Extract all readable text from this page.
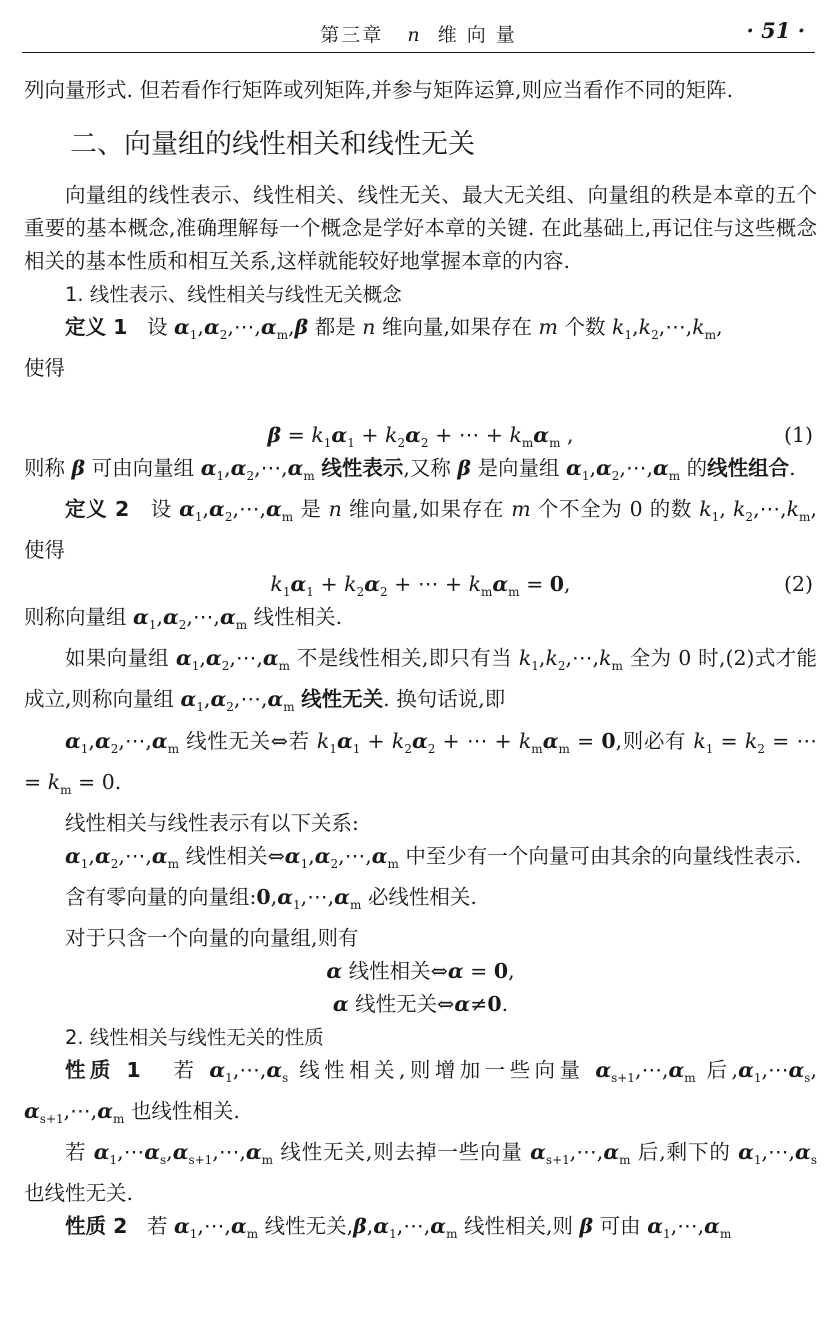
第三章 n 维 向 量	· 51 ·

列向量形式. 但若看作行矩阵或列矩阵,并参与矩阵运算,则应当看作不同的矩阵.

二、向量组的线性相关和线性无关

向量组的线性表示、线性相关、线性无关、最大无关组、向量组的秩是本章的五个重要的基本概念,准确理解每一个概念是学好本章的关键. 在此基础上,再记住与这些概念相关的基本性质和相互关系,这样就能较好地掌握本章的内容.

1. 线性表示、线性相关与线性无关概念

定义 1   设 $\alpha_1,\alpha_2,\cdots,\alpha_m,\beta$ 都是 n 维向量,如果存在 m 个数 $k_1,k_2,\cdots,k_m$,

使得

$\beta = k_1\alpha_1 + k_2\alpha_2$ + ⋯ + $k_m\alpha_m$ ,	(1)

则称 β 可由向量组 $\alpha_1,\alpha_2,\cdots,\alpha_m$ 线性表示,又称 β 是向量组 $\alpha_1,\alpha_2,\cdots,\alpha_m$ 的线性组合.

定义 2   设 $\alpha_1,\alpha_2,\cdots,\alpha_m$ 是 n 维向量,如果存在 m 个不全为 0 的数 $k_1$, $k_2,\cdots,k_m$,使得

$k_1\alpha_1 + k_2\alpha_2$ + ⋯ + $k_m\alpha_m = 0$,	(2)

则称向量组 $\alpha_1,\alpha_2,\cdots,\alpha_m$ 线性相关.

如果向量组 $\alpha_1,\alpha_2,\cdots,\alpha_m$ 不是线性相关,即只有当 $k_1,k_2,\cdots,k_m$ 全为 0 时,(2)式才能成立,则称向量组 $\alpha_1,\alpha_2,\cdots,\alpha_m$ 线性无关. 换句话说,即

$\alpha_1,\alpha_2,\cdots,\alpha_m$ 线性无关⇔若 $k_1\alpha_1 + k_2\alpha_2$ + ⋯ + $k_m\alpha_m = 0$,则必有 $k_1 = k_2$ = ⋯ = $k_m = 0$.

线性相关与线性表示有以下关系:

$\alpha_1,\alpha_2,\cdots,\alpha_m$ 线性相关$\Leftrightarrow\alpha_1,\alpha_2,\cdots,\alpha_m$ 中至少有一个向量可由其余的向量线性表示.

含有零向量的向量组$:0,\alpha_1,\cdots,\alpha_m$ 必线性相关.

对于只含一个向量的向量组,则有

α 线性相关⇔α = 0,

α 线性无关⇔α≠0.

2. 线性相关与线性无关的性质

性质 1   若 $\alpha_1,\cdots,\alpha_s$ 线性相关,则增加一些向量 $\alpha_{s+1},\cdots,\alpha_m$ 后$,\alpha_1,\cdots\alpha_s$, $\alpha_{s+1},\cdots,\alpha_m$ 也线性相关.

若 $\alpha_1,\cdots\alpha_s,\alpha_{s+1},\cdots,\alpha_m$ 线性无关,则去掉一些向量 $\alpha_{s+1},\cdots,\alpha_m$ 后,剩下的 $\alpha_1,\cdots,\alpha_s$ 也线性无关.

性质 2   若 $\alpha_1,\cdots,\alpha_m$ 线性无关$,\beta,\alpha_1,\cdots,\alpha_m$ 线性相关,则 β 可由 $\alpha_1,\cdots,\alpha_m$
